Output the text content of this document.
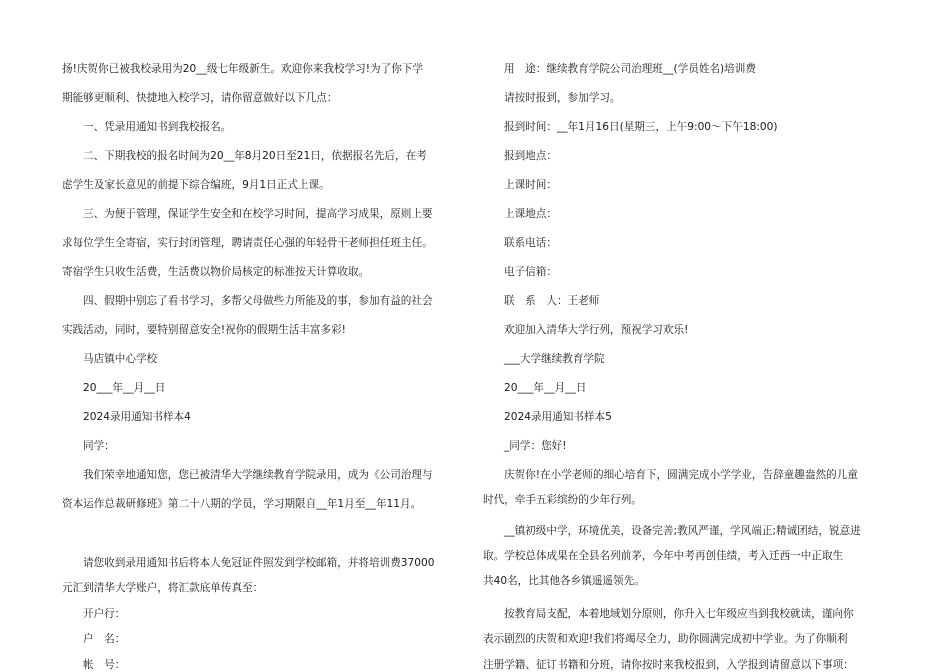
扬!庆贺你已被我校录用为20__级七年级新生。欢迎你来我校学习!为了你下学
期能够更顺利、快捷地入校学习，请你留意做好以下几点：
一、凭录用通知书到我校报名。
二、下期我校的报名时间为20__年8月20日至21日，依据报名先后，在考
虑学生及家长意见的前提下综合编班，9月1日正式上课。
三、为便于管理，保证学生安全和在校学习时间，提高学习成果，原则上要
求每位学生全寄宿，实行封闭管理，聘请责任心强的年轻骨干老师担任班主任。
寄宿学生只收生活费，生活费以物价局核定的标准按天计算收取。
四、假期中别忘了看书学习，多帮父母做些力所能及的事，参加有益的社会
实践活动，同时，要特别留意安全!祝你的假期生活丰富多彩!
马店镇中心学校
20___年__月__日
2024录用通知书样本4
同学：
我们荣幸地通知您，您已被清华大学继续教育学院录用，成为《公司治理与
资本运作总裁研修班》第二十八期的学员，学习期限自__年1月至__年11月。
请您收到录用通知书后将本人免冠证件照发到学校邮箱，并将培训费37000
元汇到清华大学账户，将汇款底单传真至：
开户行：
户　名：
帐　号：
用　途：继续教育学院公司治理班__(学员姓名)培训费
请按时报到，参加学习。
报到时间：__年1月16日(星期三，上午9:00～下午18:00)
报到地点：
上课时间：
上课地点：
联系电话：
电子信箱：
联　系　人：王老师
欢迎加入清华大学行列，预祝学习欢乐!
___大学继续教育学院
20___年__月__日
2024录用通知书样本5
_同学：您好!
庆贺你!在小学老师的细心培育下，圆满完成小学学业，告辞童趣盎然的儿童
时代，牵手五彩缤纷的少年行列。
__镇初级中学，环境优美，设备完善;教风严谨，学风端正;精诚团结，锐意进
取。学校总体成果在全县名列前茅，今年中考再创佳绩，考入迁西一中正取生
共40名，比其他各乡镇遥遥领先。
按教育局支配，本着地域划分原则，你升入七年级应当到我校就读，谨向你
表示剧烈的庆贺和欢迎!我们将竭尽全力，助你圆满完成初中学业。为了你顺利
注册学籍、征订书籍和分班，请你按时来我校报到，入学报到请留意以下事项：
